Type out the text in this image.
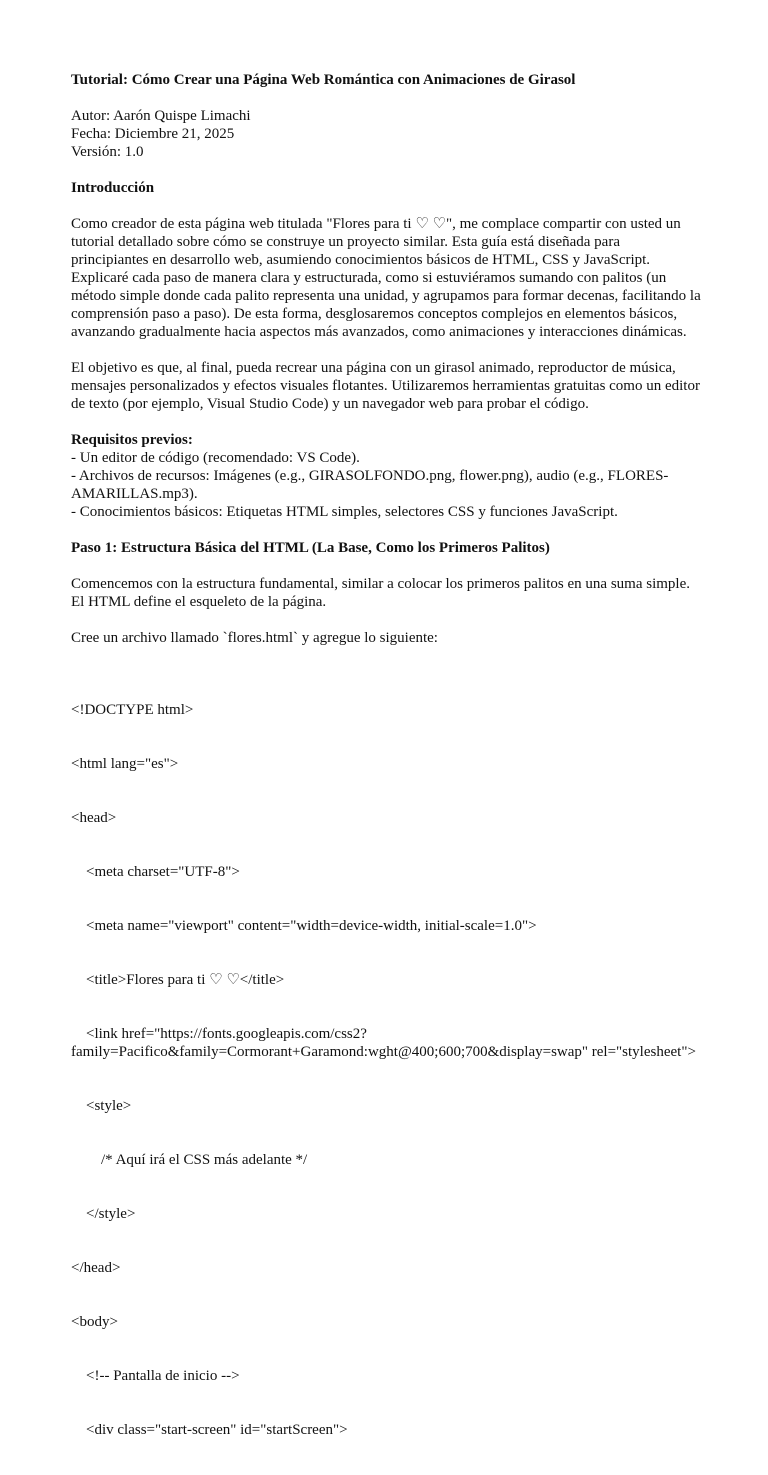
Tutorial: Cómo Crear una Página Web Romántica con Animaciones de Girasol
Autor: Aarón Quispe Limachi
Fecha: Diciembre 21, 2025
Versión: 1.0
Introducción
Como creador de esta página web titulada "Flores para ti ♡ ♡", me complace compartir con usted un tutorial detallado sobre cómo se construye un proyecto similar. Esta guía está diseñada para principiantes en desarrollo web, asumiendo conocimientos básicos de HTML, CSS y JavaScript. Explicaré cada paso de manera clara y estructurada, como si estuviéramos sumando con palitos (un método simple donde cada palito representa una unidad, y agrupamos para formar decenas, facilitando la comprensión paso a paso). De esta forma, desglosaremos conceptos complejos en elementos básicos, avanzando gradualmente hacia aspectos más avanzados, como animaciones y interacciones dinámicas.
El objetivo es que, al final, pueda recrear una página con un girasol animado, reproductor de música, mensajes personalizados y efectos visuales flotantes. Utilizaremos herramientas gratuitas como un editor de texto (por ejemplo, Visual Studio Code) y un navegador web para probar el código.
Requisitos previos:
- Un editor de código (recomendado: VS Code).
- Archivos de recursos: Imágenes (e.g., GIRASOLFONDO.png, flower.png), audio (e.g., FLORES-AMARILLAS.mp3).
- Conocimientos básicos: Etiquetas HTML simples, selectores CSS y funciones JavaScript.
Paso 1: Estructura Básica del HTML (La Base, Como los Primeros Palitos)
Comencemos con la estructura fundamental, similar a colocar los primeros palitos en una suma simple. El HTML define el esqueleto de la página.
Cree un archivo llamado `flores.html` y agregue lo siguiente:

<!DOCTYPE html>

<html lang="es">

<head>

<meta charset="UTF-8">

<meta name="viewport" content="width=device-width, initial-scale=1.0">

<title>Flores para ti ♡ ♡</title>

<link href="https://fonts.googleapis.com/css2?family=Pacifico&family=Cormorant+Garamond:wght@400;600;700&display=swap" rel="stylesheet">

<style>

/* Aquí irá el CSS más adelante */

</style>

</head>

<body>

<!-- Pantalla de inicio -->

<div class="start-screen" id="startScreen">
